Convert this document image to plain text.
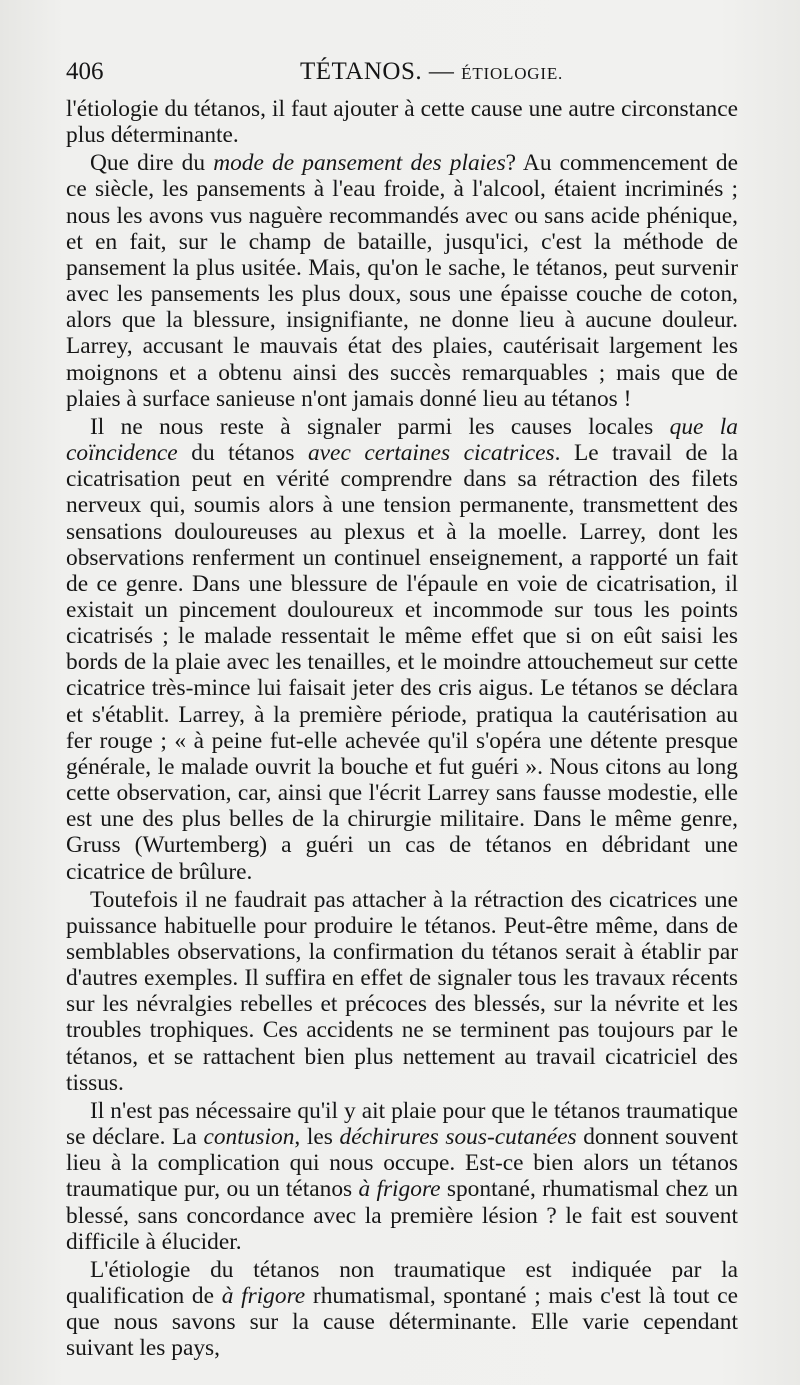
406	TÉTANOS. — ÉTIOLOGIE.

l'étiologie du tétanos, il faut ajouter à cette cause une autre circonstance plus déterminante.

Que dire du mode de pansement des plaies? Au commencement de ce siècle, les pansements à l'eau froide, à l'alcool, étaient incriminés ; nous les avons vus naguère recommandés avec ou sans acide phénique, et en fait, sur le champ de bataille, jusqu'ici, c'est la méthode de pansement la plus usitée. Mais, qu'on le sache, le tétanos, peut survenir avec les pansements les plus doux, sous une épaisse couche de coton, alors que la blessure, insignifiante, ne donne lieu à aucune douleur. Larrey, accusant le mauvais état des plaies, cautérisait largement les moignons et a obtenu ainsi des succès remarquables ; mais que de plaies à surface sanieuse n'ont jamais donné lieu au tétanos !

Il ne nous reste à signaler parmi les causes locales que la coïncidence du tétanos avec certaines cicatrices. Le travail de la cicatrisation peut en vérité comprendre dans sa rétraction des filets nerveux qui, soumis alors à une tension permanente, transmettent des sensations douloureuses au plexus et à la moelle. Larrey, dont les observations renferment un continuel enseignement, a rapporté un fait de ce genre. Dans une blessure de l'épaule en voie de cicatrisation, il existait un pincement douloureux et incommode sur tous les points cicatrisés ; le malade ressentait le même effet que si on eût saisi les bords de la plaie avec les tenailles, et le moindre attouchemeut sur cette cicatrice très-mince lui faisait jeter des cris aigus. Le tétanos se déclara et s'établit. Larrey, à la première période, pratiqua la cautérisation au fer rouge ; « à peine fut-elle achevée qu'il s'opéra une détente presque générale, le malade ouvrit la bouche et fut guéri ». Nous citons au long cette observation, car, ainsi que l'écrit Larrey sans fausse modestie, elle est une des plus belles de la chirurgie militaire. Dans le même genre, Gruss (Wurtemberg) a guéri un cas de tétanos en débridant une cicatrice de brûlure.

Toutefois il ne faudrait pas attacher à la rétraction des cicatrices une puissance habituelle pour produire le tétanos. Peut-être même, dans de semblables observations, la confirmation du tétanos serait à établir par d'autres exemples. Il suffira en effet de signaler tous les travaux récents sur les névralgies rebelles et précoces des blessés, sur la névrite et les troubles trophiques. Ces accidents ne se terminent pas toujours par le tétanos, et se rattachent bien plus nettement au travail cicatriciel des tissus.

Il n'est pas nécessaire qu'il y ait plaie pour que le tétanos traumatique se déclare. La contusion, les déchirures sous-cutanées donnent souvent lieu à la complication qui nous occupe. Est-ce bien alors un tétanos traumatique pur, ou un tétanos à frigore spontané, rhumatismal chez un blessé, sans concordance avec la première lésion ? le fait est souvent difficile à élucider.

L'étiologie du tétanos non traumatique est indiquée par la qualification de à frigore rhumatismal, spontané ; mais c'est là tout ce que nous savons sur la cause déterminante. Elle varie cependant suivant les pays,
